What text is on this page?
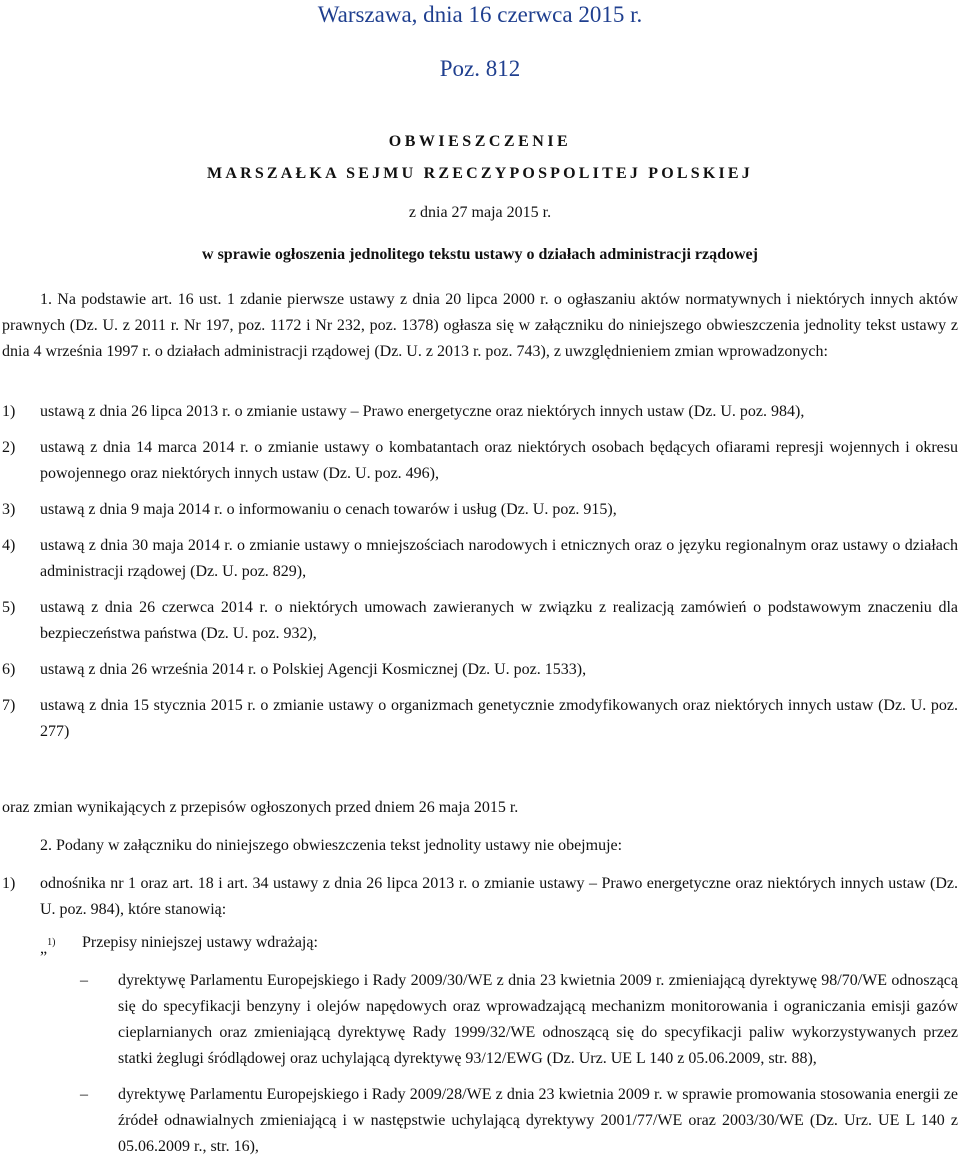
Warszawa, dnia 16 czerwca 2015 r.

Poz. 812

OBWIESZCZENIE

MARSZAŁKA SEJMU RZECZYPOSPOLITEJ POLSKIEJ

z dnia 27 maja 2015 r.

w sprawie ogłoszenia jednolitego tekstu ustawy o działach administracji rządowej

1. Na podstawie art. 16 ust. 1 zdanie pierwsze ustawy z dnia 20 lipca 2000 r. o ogłaszaniu aktów normatywnych i niektórych innych aktów prawnych (Dz. U. z 2011 r. Nr 197, poz. 1172 i Nr 232, poz. 1378) ogłasza się w załączniku do niniejszego obwieszczenia jednolity tekst ustawy z dnia 4 września 1997 r. o działach administracji rządowej (Dz. U. z 2013 r. poz. 743), z uwzględnieniem zmian wprowadzonych:

1)	ustawą z dnia 26 lipca 2013 r. o zmianie ustawy – Prawo energetyczne oraz niektórych innych ustaw (Dz. U. poz. 984),
2)	ustawą z dnia 14 marca 2014 r. o zmianie ustawy o kombatantach oraz niektórych osobach będących ofiarami represji wojennych i okresu powojennego oraz niektórych innych ustaw (Dz. U. poz. 496),
3)	ustawą z dnia 9 maja 2014 r. o informowaniu o cenach towarów i usług (Dz. U. poz. 915),
4)	ustawą z dnia 30 maja 2014 r. o zmianie ustawy o mniejszościach narodowych i etnicznych oraz o języku regionalnym oraz ustawy o działach administracji rządowej (Dz. U. poz. 829),
5)	ustawą z dnia 26 czerwca 2014 r. o niektórych umowach zawieranych w związku z realizacją zamówień o podstawowym znaczeniu dla bezpieczeństwa państwa (Dz. U. poz. 932),
6)	ustawą z dnia 26 września 2014 r. o Polskiej Agencji Kosmicznej (Dz. U. poz. 1533),
7)	ustawą z dnia 15 stycznia 2015 r. o zmianie ustawy o organizmach genetycznie zmodyfikowanych oraz niektórych innych ustaw (Dz. U. poz. 277)

oraz zmian wynikających z przepisów ogłoszonych przed dniem 26 maja 2015 r.

2. Podany w załączniku do niniejszego obwieszczenia tekst jednolity ustawy nie obejmuje:

1)	odnośnika nr 1 oraz art. 18 i art. 34 ustawy z dnia 26 lipca 2013 r. o zmianie ustawy – Prawo energetyczne oraz niektórych innych ustaw (Dz. U. poz. 984), które stanowią:
„$^{1)}$	Przepisy niniejszej ustawy wdrażają:
–	dyrektywę Parlamentu Europejskiego i Rady 2009/30/WE z dnia 23 kwietnia 2009 r. zmieniającą dyrektywę 98/70/WE odnoszącą się do specyfikacji benzyny i olejów napędowych oraz wprowadzającą mechanizm monitorowania i ograniczania emisji gazów cieplarnianych oraz zmieniającą dyrektywę Rady 1999/32/WE odnoszącą się do specyfikacji paliw wykorzystywanych przez statki żeglugi śródlądowej oraz uchylającą dyrektywę 93/12/EWG (Dz. Urz. UE L 140 z 05.06.2009, str. 88),
–	dyrektywę Parlamentu Europejskiego i Rady 2009/28/WE z dnia 23 kwietnia 2009 r. w sprawie promowania stosowania energii ze źródeł odnawialnych zmieniającą i w następstwie uchylającą dyrektywy 2001/77/WE oraz 2003/30/WE (Dz. Urz. UE L 140 z 05.06.2009 r., str. 16),
